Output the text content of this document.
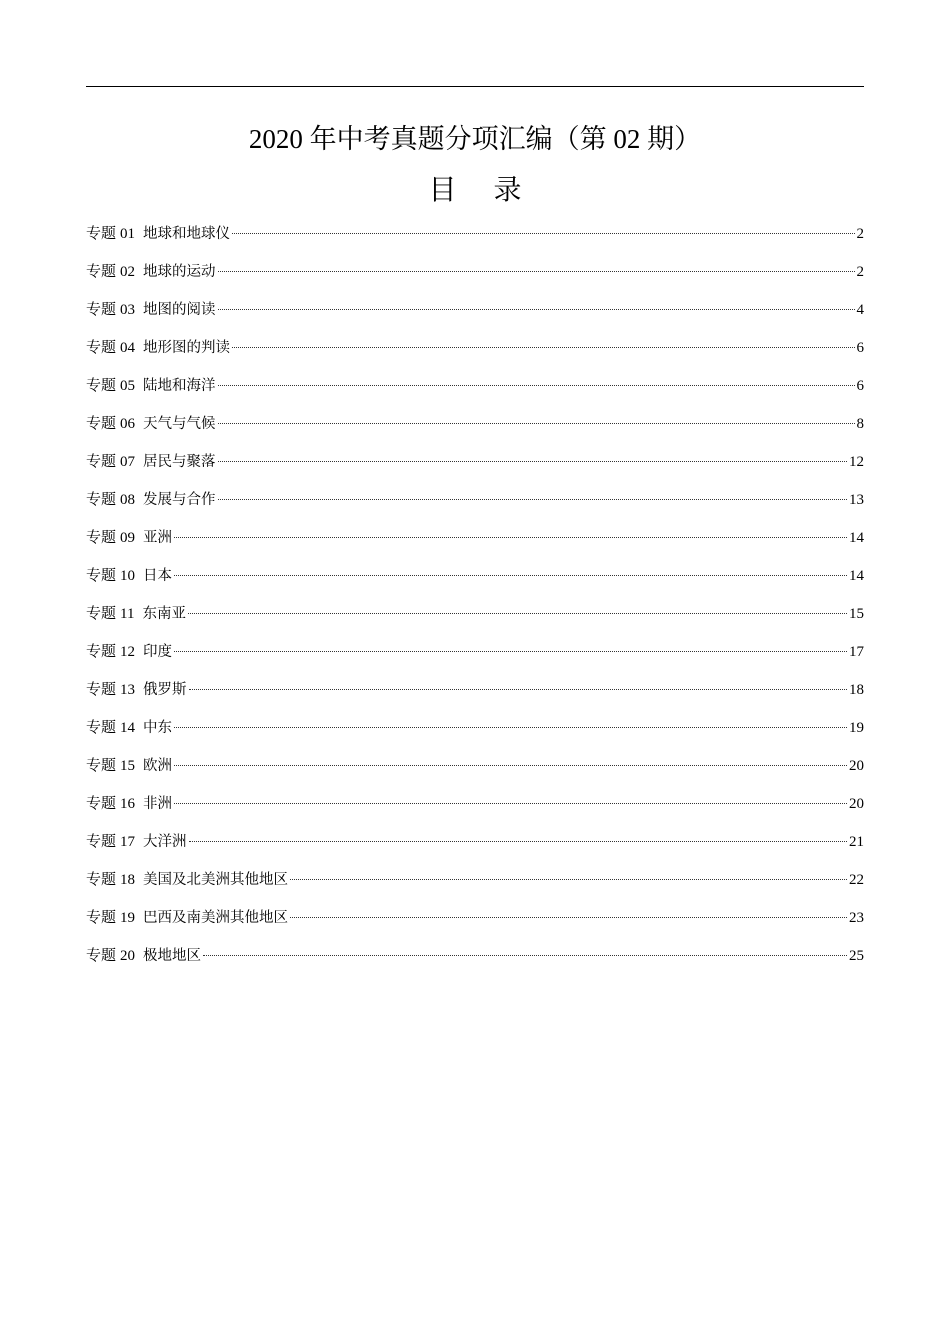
2020 年中考真题分项汇编（第 02 期）
目 录
专题 01 地球和地球仪	2
专题 02 地球的运动	2
专题 03 地图的阅读	4
专题 04 地形图的判读	6
专题 05 陆地和海洋	6
专题 06 天气与气候	8
专题 07 居民与聚落	12
专题 08 发展与合作	13
专题 09 亚洲	14
专题 10 日本	14
专题 11 东南亚	15
专题 12 印度	17
专题 13 俄罗斯	18
专题 14 中东	19
专题 15 欧洲	20
专题 16 非洲	20
专题 17 大洋洲	21
专题 18 美国及北美洲其他地区	22
专题 19 巴西及南美洲其他地区	23
专题 20 极地地区	25
